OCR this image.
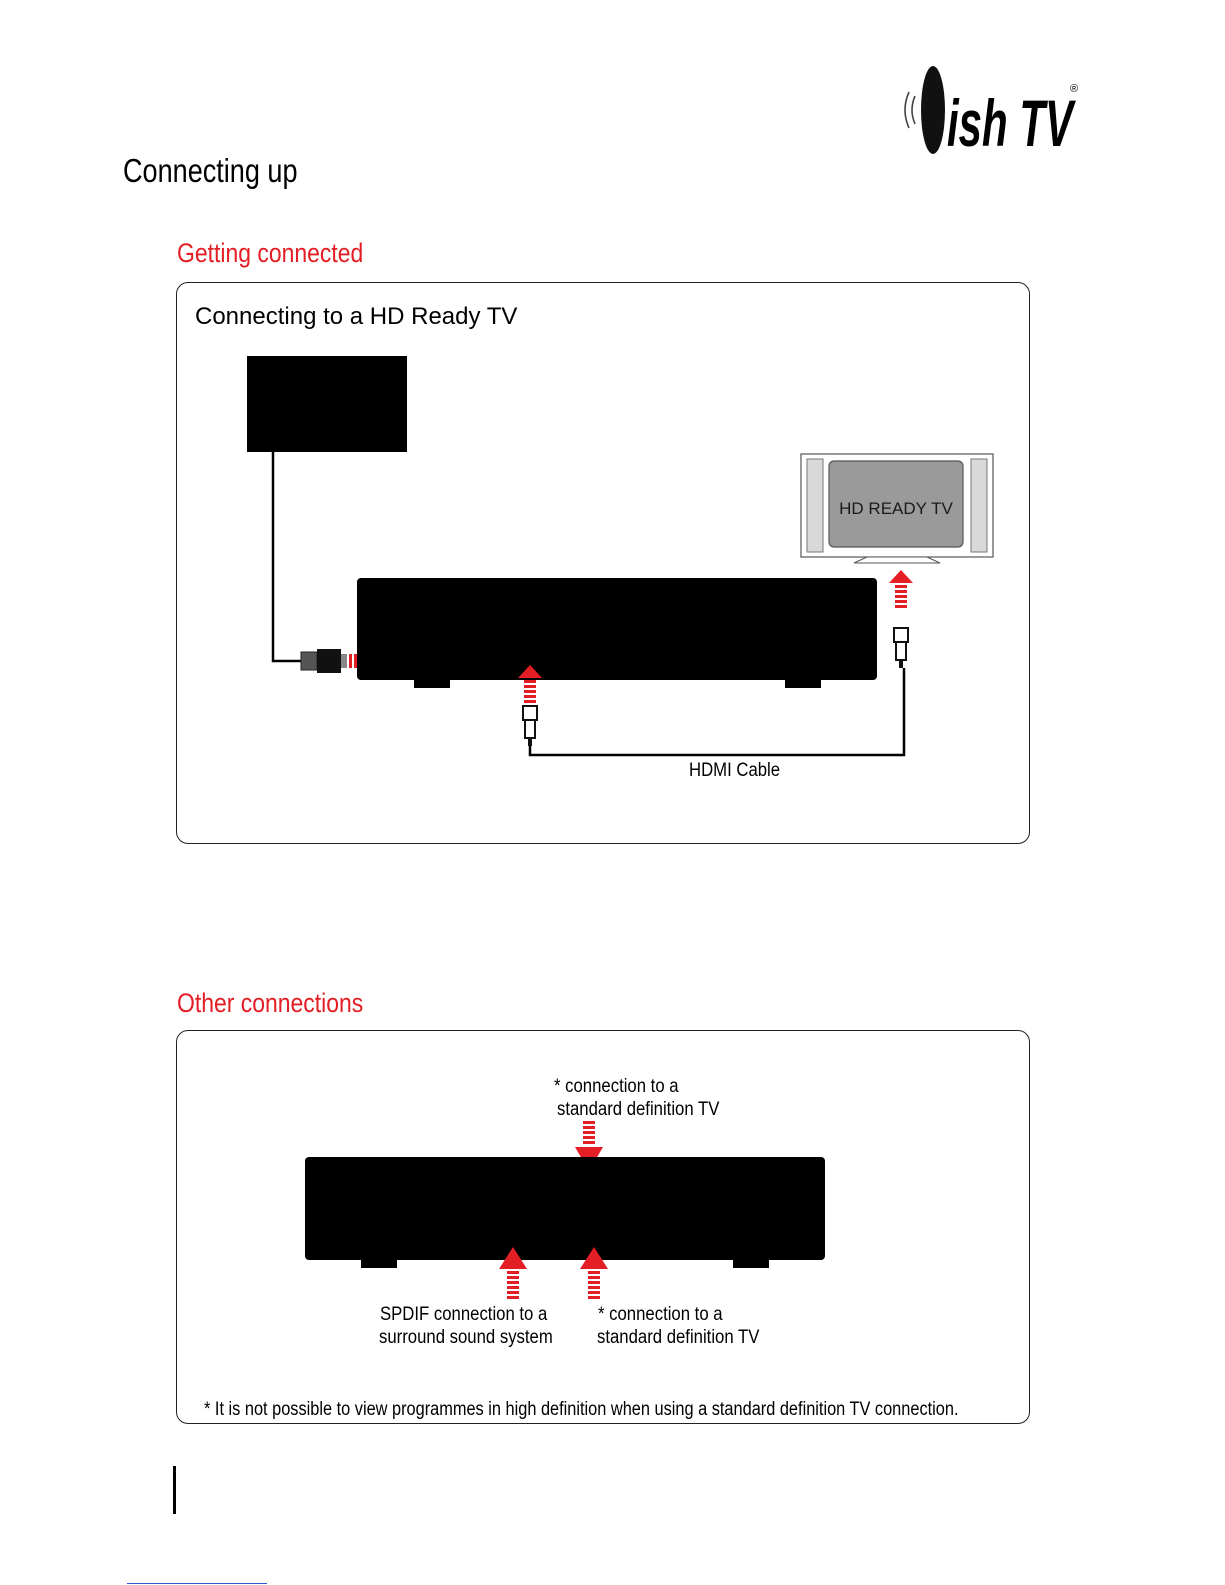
ish TV
®
Connecting up
Getting connected
Connecting to a HD Ready TV
HD READY TV
HDMI Cable
Other connections
* connection to a
standard definition TV
SPDIF connection to a
surround sound system
* connection to a
standard definition TV
* It is not possible to view programmes in high definition when using a standard definition TV connection.
